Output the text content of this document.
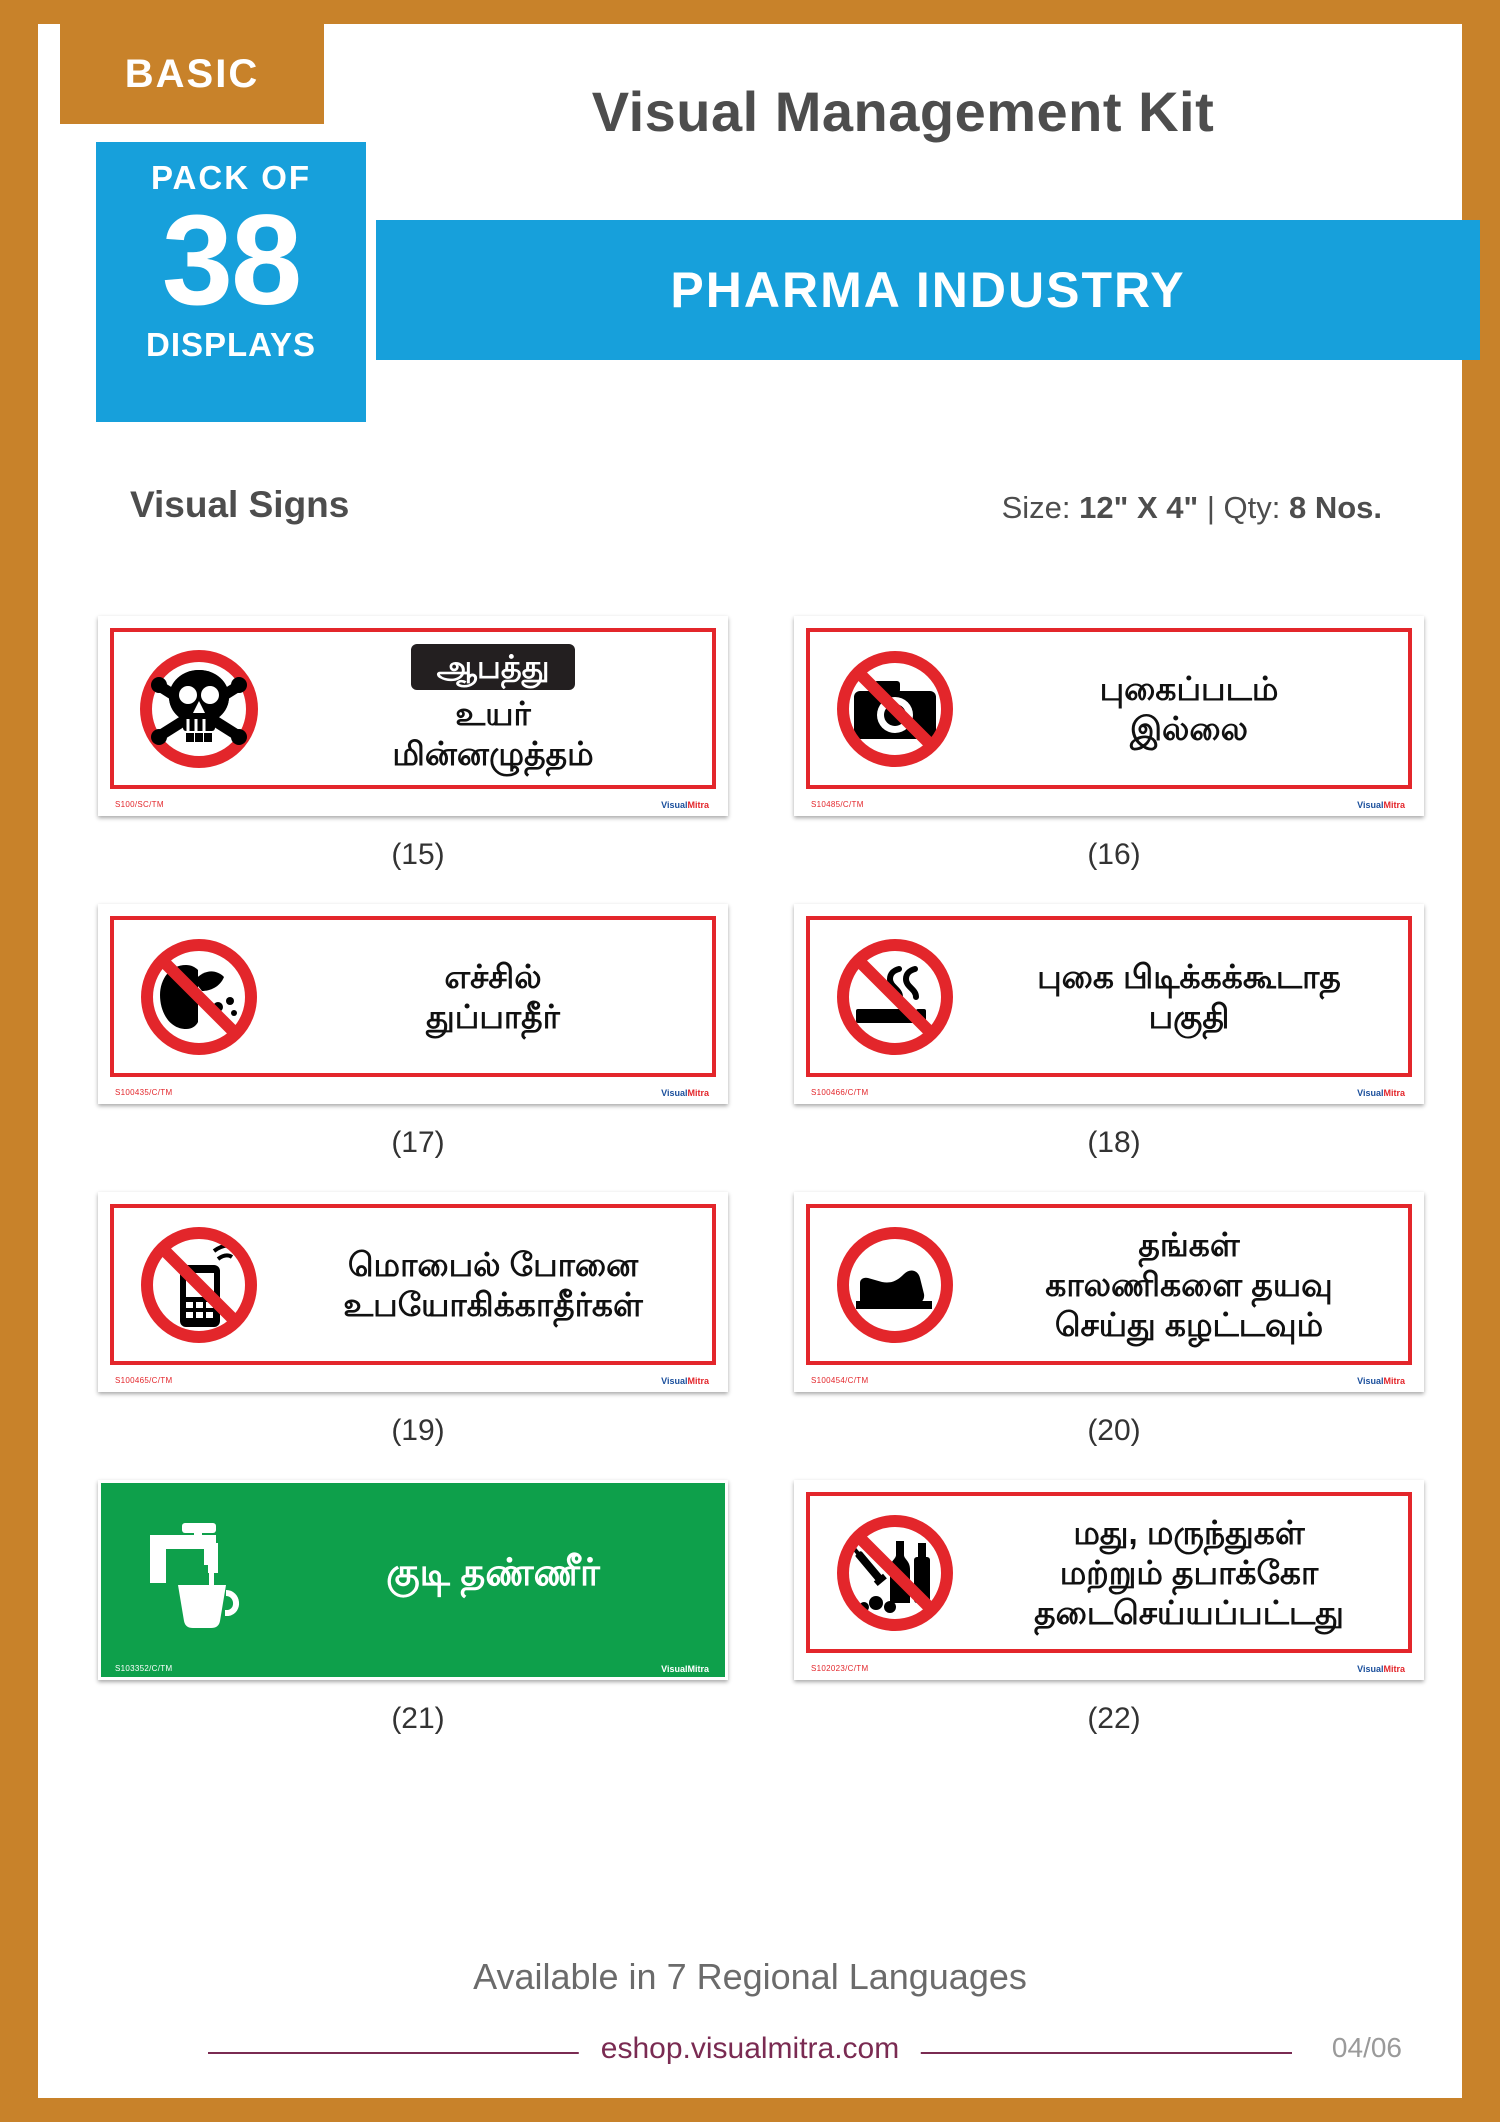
BASIC
PACK OF
38
DISPLAYS
Visual Management Kit
PHARMA INDUSTRY
Visual Signs	Size: 12" X 4" | Qty: 8 Nos.
ஆபத்து
உயர்
மின்னழுத்தம்
S100/SC/TM	VisualMitra
(15)
புகைப்படம்
இல்லை
S10485/C/TM	VisualMitra
(16)
எச்சில்
துப்பாதீர்
S100435/C/TM	VisualMitra
(17)
புகை பிடிக்கக்கூடாத
பகுதி
S100466/C/TM	VisualMitra
(18)
மொபைல் போனை
உபயோகிக்காதீர்கள்
S100465/C/TM	VisualMitra
(19)
தங்கள்
காலணிகளை தயவு
செய்து கழட்டவும்
S100454/C/TM	VisualMitra
(20)
குடி தண்ணீர்
S103352/C/TM	VisualMitra
(21)
மது, மருந்துகள்
மற்றும் தபாக்கோ
தடைசெய்யப்பட்டது
S102023/C/TM	VisualMitra
(22)
Available in 7 Regional Languages
eshop.visualmitra.com	04/06
